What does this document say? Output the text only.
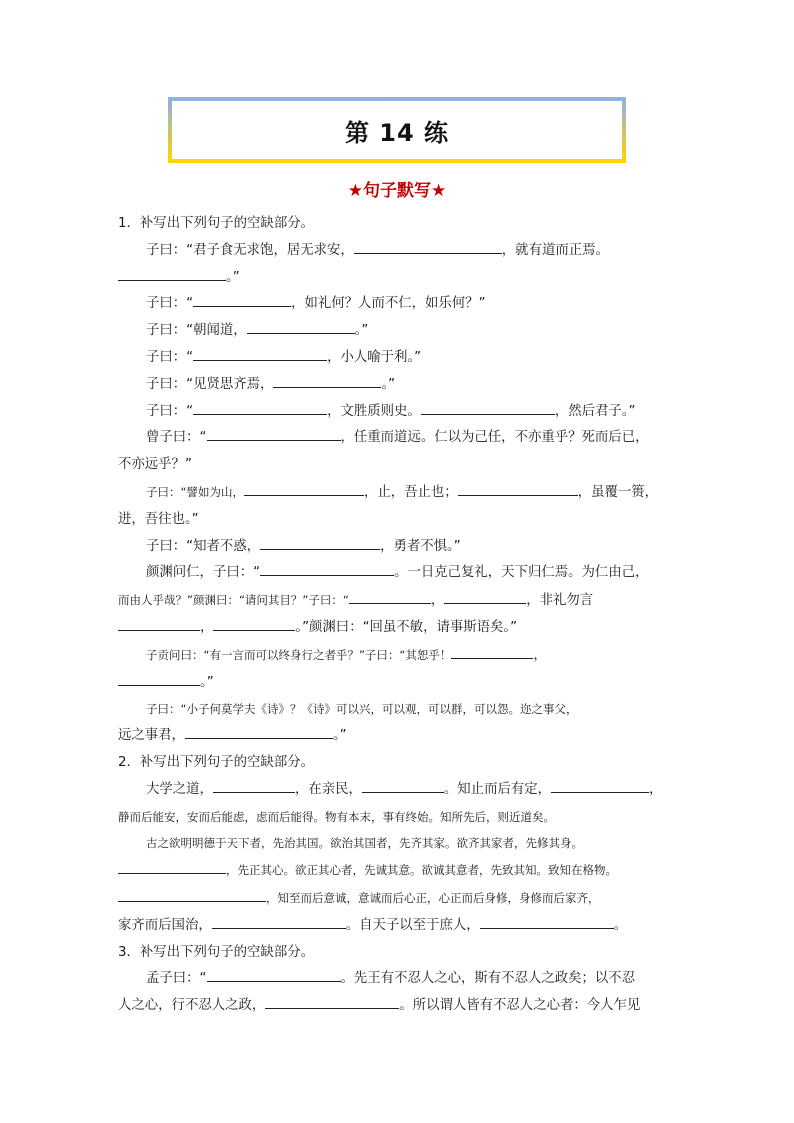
第 14 练
★句子默写★

1．补写出下列句子的空缺部分。

子曰：“君子食无求饱，居无求安，	，就有道而正焉。

。”

子曰：“	，如礼何？人而不仁，如乐何？”

子曰：“朝闻道，	。”

子曰：“	，小人喻于利。”

子曰：“见贤思齐焉，	。”

子曰：“	，文胜质则史。	，然后君子。”

曾子曰：“	，任重而道远。仁以为己任，不亦重乎？死而后已，

不亦远乎？”

子曰：“譬如为山，	，止，吾止也；	，虽覆一篑，

进，吾往也。”

子曰：“知者不惑，	，勇者不惧。”

颜渊问仁，子曰：“	。一日克己复礼，天下归仁焉。为仁由己，

而由人乎哉？”颜渊曰：“请问其目？”子曰：“	，	，非礼勿言

，	。”颜渊曰：“回虽不敏，请事斯语矣。”

子贡问曰：“有一言而可以终身行之者乎？”子曰：“其恕乎！	，

。”

子曰：“小子何莫学夫《诗》？《诗》可以兴，可以观，可以群，可以怨。迩之事父，

远之事君，	。”

2．补写出下列句子的空缺部分。

大学之道，	，在亲民，	。知止而后有定，	，

静而后能安，安而后能虑，虑而后能得。物有本末，事有终始。知所先后，则近道矣。

古之欲明明德于天下者，先治其国。欲治其国者，先齐其家。欲齐其家者，先修其身。

，先正其心。欲正其心者，先诚其意。欲诚其意者，先致其知。致知在格物。

，知至而后意诚，意诚而后心正，心正而后身修，身修而后家齐，

家齐而后国治，	。自天子以至于庶人，	。

3．补写出下列句子的空缺部分。

孟子曰：“	。先王有不忍人之心，斯有不忍人之政矣；以不忍

人之心，行不忍人之政，	。所以谓人皆有不忍人之心者：今人乍见
